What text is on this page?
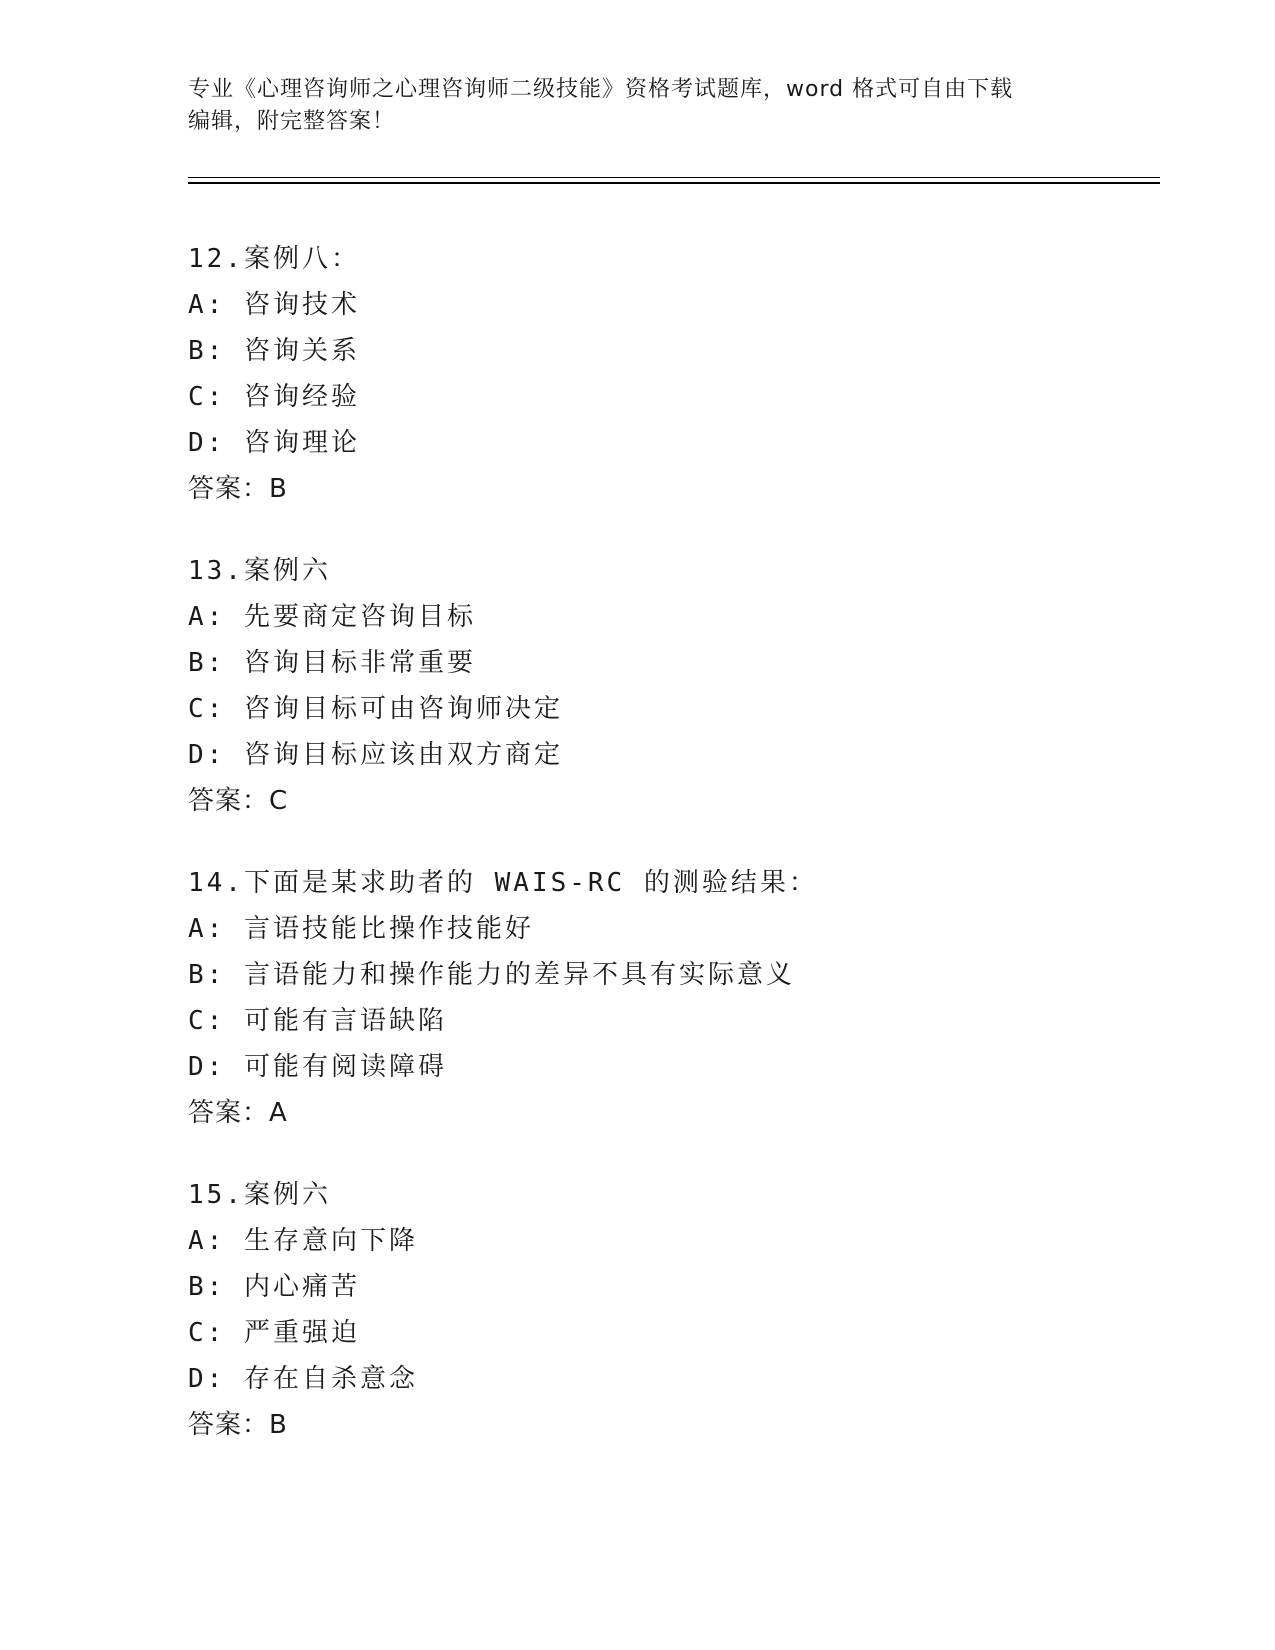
专业《心理咨询师之心理咨询师二级技能》资格考试题库，word 格式可自由下载
编辑，附完整答案！
12.案例八：
A: 咨询技术
B: 咨询关系
C: 咨询经验
D: 咨询理论
答案：B
13.案例六
A: 先要商定咨询目标
B: 咨询目标非常重要
C: 咨询目标可由咨询师决定
D: 咨询目标应该由双方商定
答案：C
14.下面是某求助者的 WAIS-RC 的测验结果：
A: 言语技能比操作技能好
B: 言语能力和操作能力的差异不具有实际意义
C: 可能有言语缺陷
D: 可能有阅读障碍
答案：A
15.案例六
A: 生存意向下降
B: 内心痛苦
C: 严重强迫
D: 存在自杀意念
答案：B
